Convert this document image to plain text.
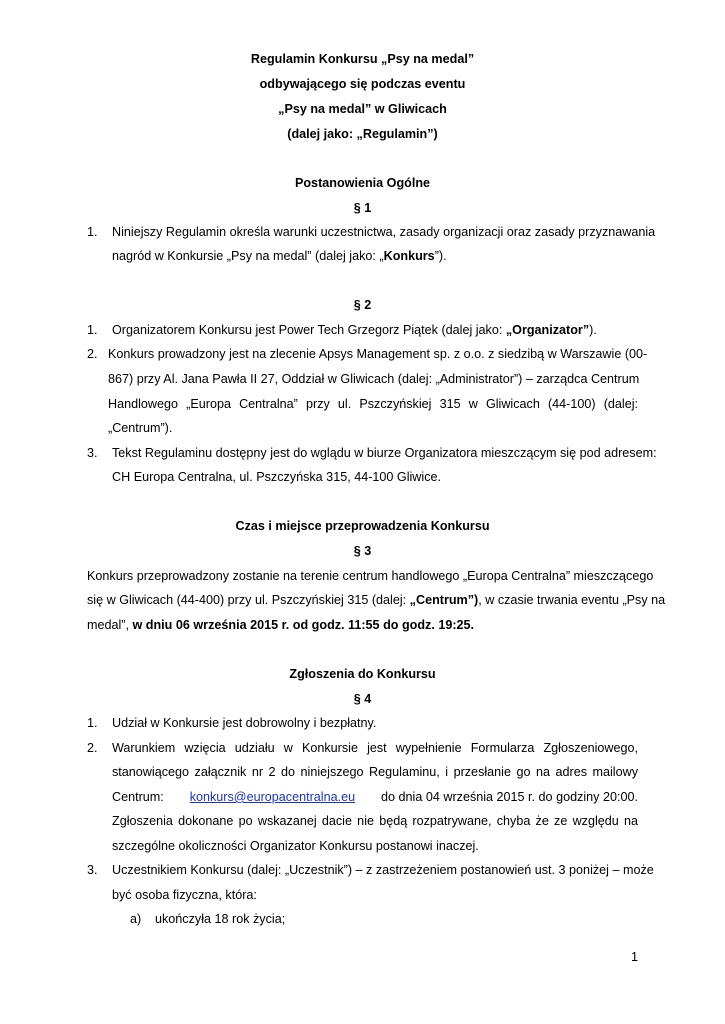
Regulamin Konkursu „Psy na medal”
odbywającego się podczas eventu
„Psy na medal” w Gliwicach
(dalej jako: „Regulamin”)
Postanowienia Ogólne
§ 1
1. Niniejszy Regulamin określa warunki uczestnictwa, zasady organizacji oraz zasady przyznawania
nagród w Konkursie „Psy na medal” (dalej jako: „Konkurs”).
§ 2
1. Organizatorem Konkursu jest Power Tech Grzegorz Piątek (dalej jako: „Organizator”).
2. Konkurs prowadzony jest na zlecenie Apsys Management sp. z o.o. z siedzibą w Warszawie (00-
867) przy Al. Jana Pawła II 27, Oddział w Gliwicach (dalej: „Administrator”) – zarządca Centrum
Handlowego „Europa Centralna” przy ul. Pszczyńskiej 315 w Gliwicach (44-100) (dalej:
„Centrum”).
3. Tekst Regulaminu dostępny jest do wglądu w biurze Organizatora mieszczącym się pod adresem:
CH Europa Centralna, ul. Pszczyńska 315, 44-100 Gliwice.
Czas i miejsce przeprowadzenia Konkursu
§ 3
Konkurs przeprowadzony zostanie na terenie centrum handlowego „Europa Centralna” mieszczącego
się w Gliwicach (44-400) przy ul. Pszczyńskiej 315 (dalej: „Centrum”), w czasie trwania eventu „Psy na
medal”, w dniu 06 września 2015 r. od godz. 11:55 do godz. 19:25.
Zgłoszenia do Konkursu
§ 4
1. Udział w Konkursie jest dobrowolny i bezpłatny.
2. Warunkiem wzięcia udziału w Konkursie jest wypełnienie Formularza Zgłoszeniowego,
stanowiącego załącznik nr 2 do niniejszego Regulaminu, i przesłanie go na adres mailowy
Centrum: konkurs@europacentralna.eu do dnia 04 września 2015 r. do godziny 20:00.
Zgłoszenia dokonane po wskazanej dacie nie będą rozpatrywane, chyba że ze względu na
szczególne okoliczności Organizator Konkursu postanowi inaczej.
3. Uczestnikiem Konkursu (dalej: „Uczestnik”) – z zastrzeżeniem postanowień ust. 3 poniżej – może
być osoba fizyczna, która:
a) ukończyła 18 rok życia;
1
